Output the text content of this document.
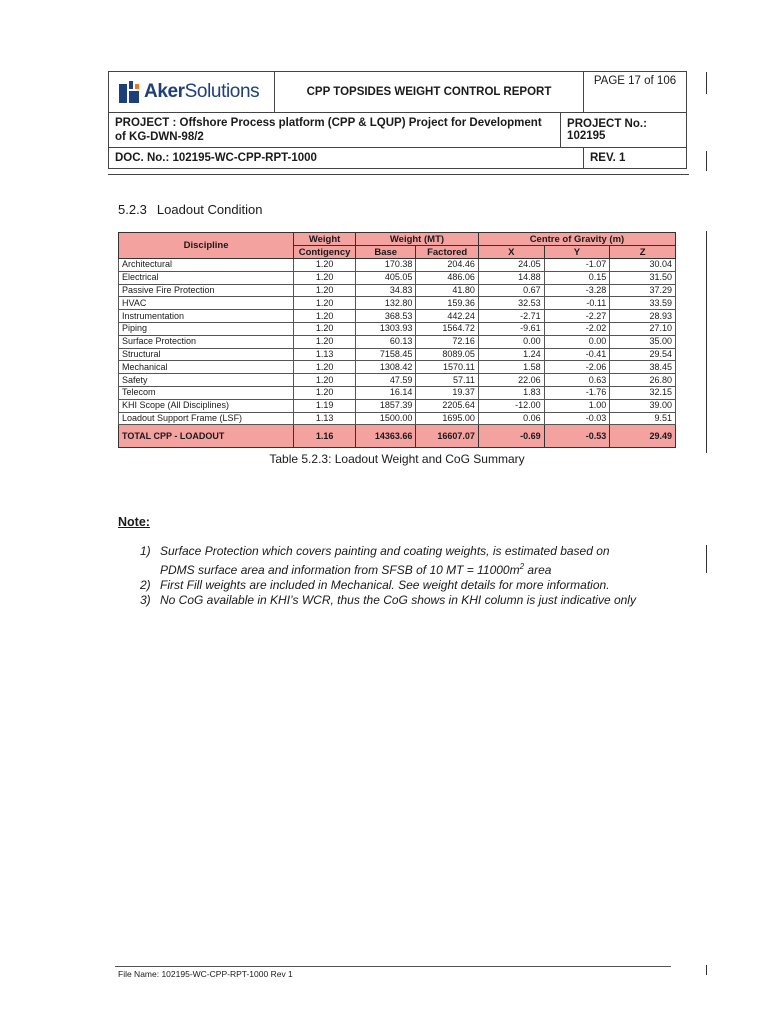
AkerSolutions	CPP TOPSIDES WEIGHT CONTROL REPORT		PAGE 17 of 106
PROJECT : Offshore Process platform (CPP & LQUP) Project for Development of KG-DWN-98/2		PROJECT No.: 102195	
DOC. No.: 102195-WC-CPP-RPT-1000			REV. 1
5.2.3 Loadout Condition
Discipline	Weight	Weight (MT)		Centre of Gravity (m)		
	Contigency	Base	Factored	X	Y	Z
Architectural	1.20	170.38	204.46	24.05	-1.07	30.04
Electrical	1.20	405.05	486.06	14.88	0.15	31.50
Passive Fire Protection	1.20	34.83	41.80	0.67	-3.28	37.29
HVAC	1.20	132.80	159.36	32.53	-0.11	33.59
Instrumentation	1.20	368.53	442.24	-2.71	-2.27	28.93
Piping	1.20	1303.93	1564.72	-9.61	-2.02	27.10
Surface Protection	1.20	60.13	72.16	0.00	0.00	35.00
Structural	1.13	7158.45	8089.05	1.24	-0.41	29.54
Mechanical	1.20	1308.42	1570.11	1.58	-2.06	38.45
Safety	1.20	47.59	57.11	22.06	0.63	26.80
Telecom	1.20	16.14	19.37	1.83	-1.76	32.15
KHI Scope (All Disciplines)	1.19	1857.39	2205.64	-12.00	1.00	39.00
Loadout Support Frame (LSF)	1.13	1500.00	1695.00	0.06	-0.03	9.51
TOTAL CPP - LOADOUT	1.16	14363.66	16607.07	-0.69	-0.53	29.49
Table 5.2.3: Loadout Weight and CoG Summary

Note:

1) Surface Protection which covers painting and coating weights, is estimated based on
PDMS surface area and information from SFSB of 10 MT = $11000m^2$ area
2) First Fill weights are included in Mechanical. See weight details for more information.
3) No CoG available in KHI’s WCR, thus the CoG shows in KHI column is just indicative only
File Name: 102195-WC-CPP-RPT-1000 Rev 1
